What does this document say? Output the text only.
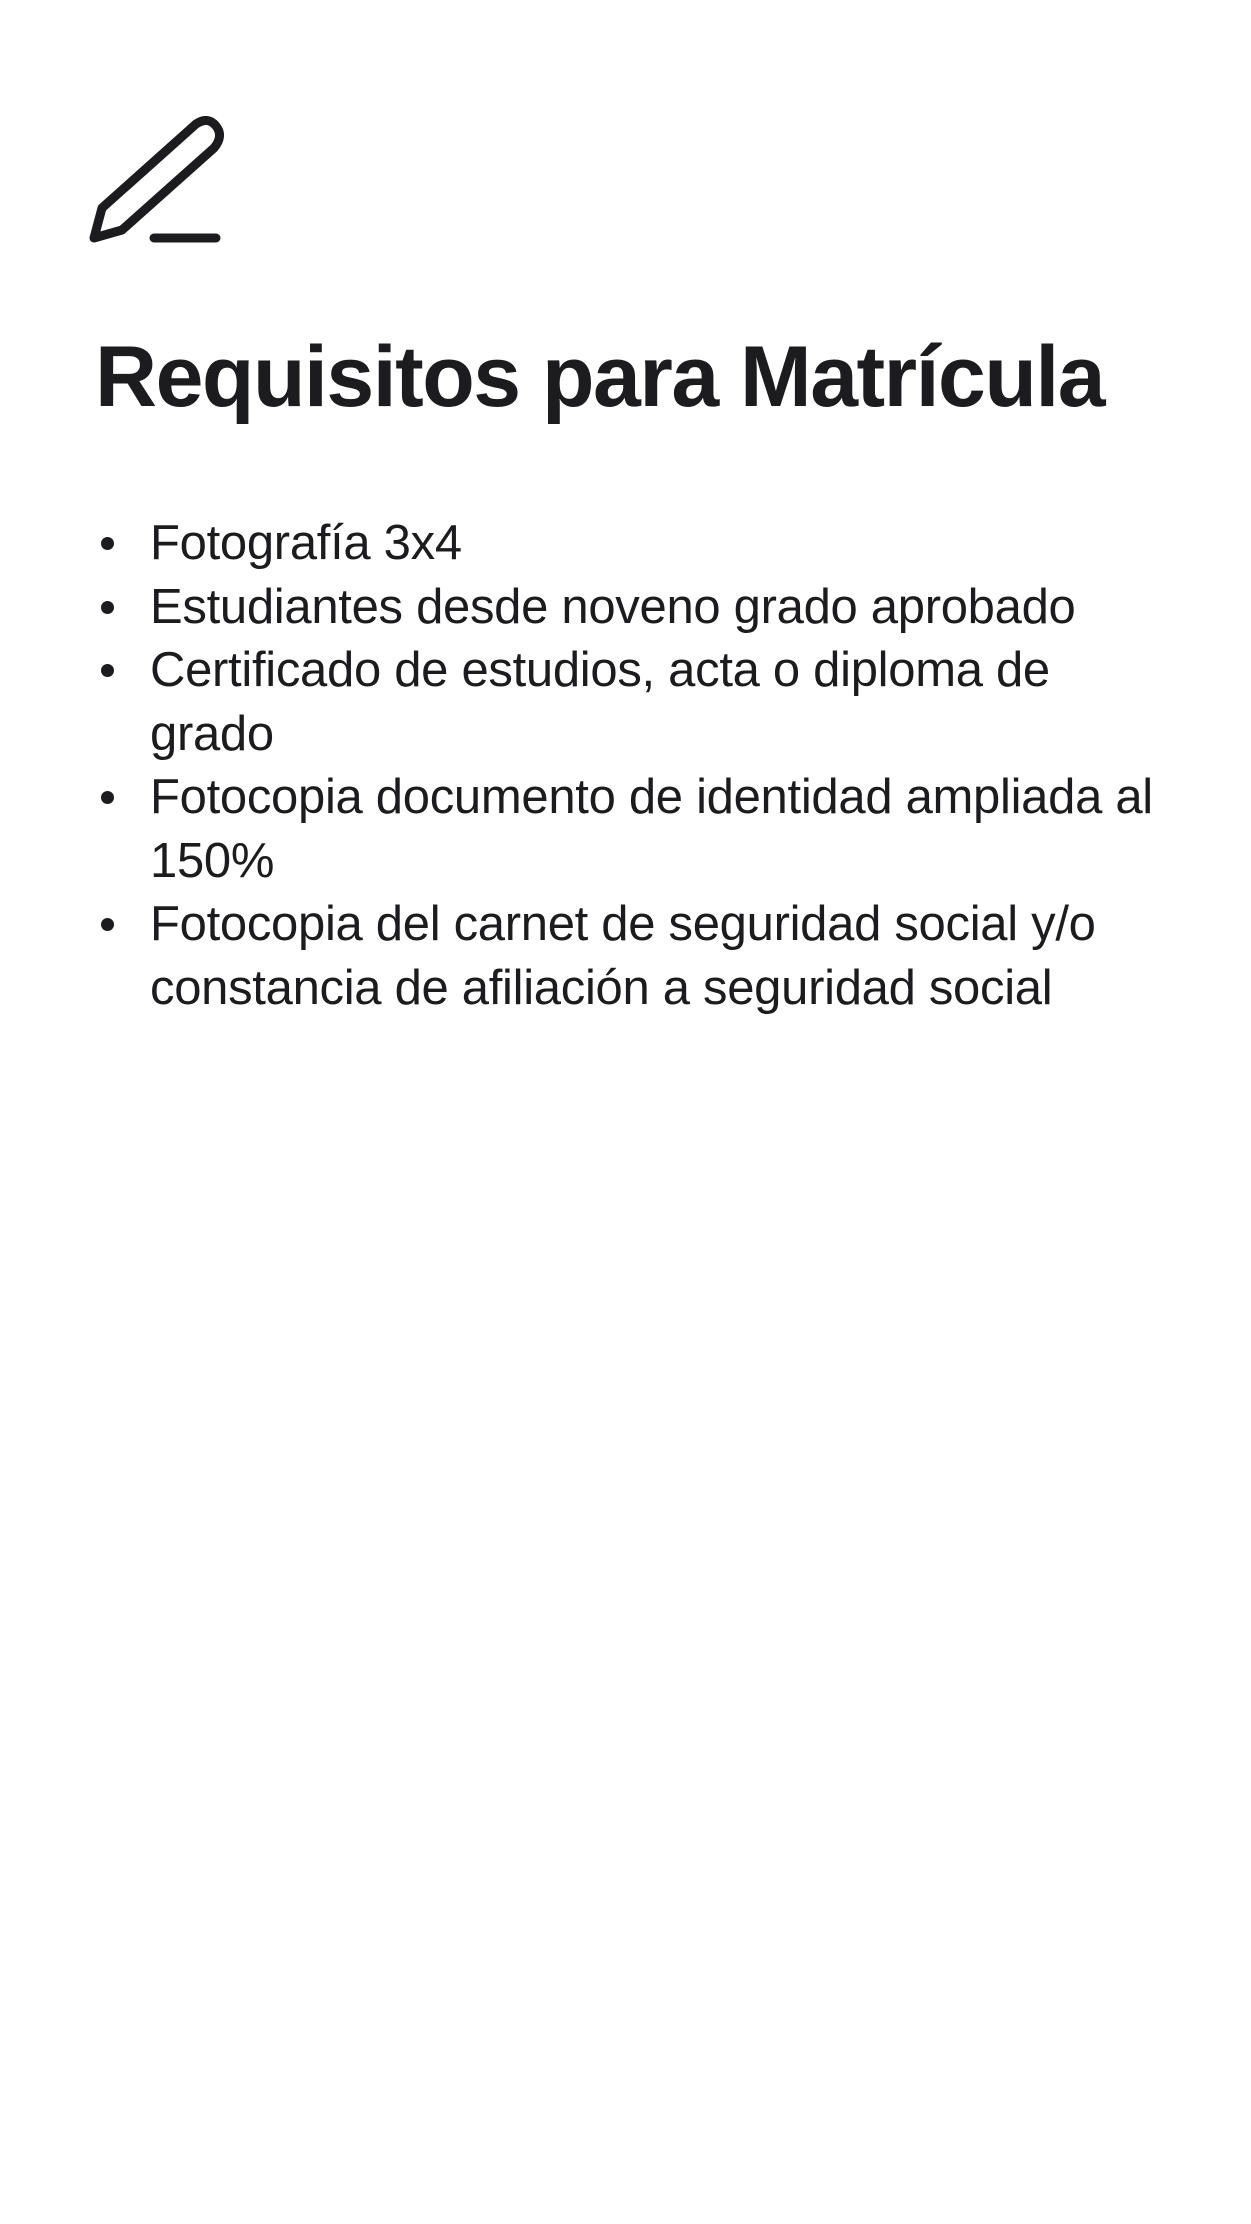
Requisitos para Matrícula
Fotografía 3x4
Estudiantes desde noveno grado aprobado
Certificado de estudios, acta o diploma de grado
Fotocopia documento de identidad ampliada al 150%
Fotocopia del carnet de seguridad social y/o constancia de afiliación a seguridad social
